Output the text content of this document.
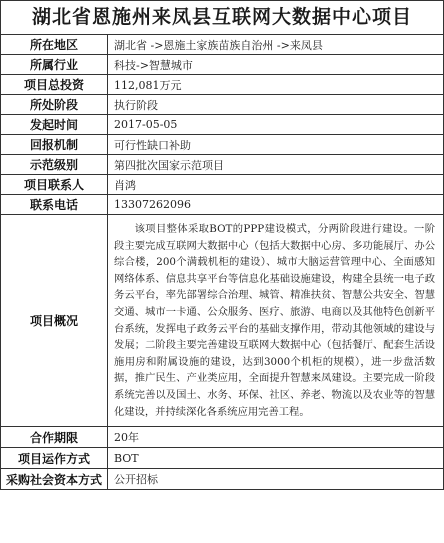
湖北省恩施州来凤县互联网大数据中心项目
所在地区	湖北省 ->恩施土家族苗族自治州 ->来凤县
所属行业	科技->智慧城市
项目总投资	112,081万元
所处阶段	执行阶段
发起时间	2017-05-05
回报机制	可行性缺口补助
示范级别	第四批次国家示范项目
项目联系人	肖鸿
联系电话	13307262096
项目概况	该项目整体采取BOT的PPP建设模式，分两阶段进行建设。一阶段主要完成互联网大数据中心（包括大数据中心房、多功能展厅、办公综合楼，200个满载机柜的建设）、城市大脑运营管理中心、全面感知网络体系、信息共享平台等信息化基础设施建设，构建全县统一电子政务云平台，率先部署综合治理、城管、精准扶贫、智慧公共安全、智慧交通、城市一卡通、公众服务、医疗、旅游、电商以及其他特色创新平台系统，发挥电子政务云平台的基础支撑作用，带动其他领域的建设与发展；二阶段主要完善建设互联网大数据中心（包括餐厅、配套生活设施用房和附属设施的建设，达到3000个机柜的规模），进一步盘活数据，推广民生、产业类应用，全面提升智慧来凤建设。主要完成一阶段系统完善以及国土、水务、环保、社区、养老、物流以及农业等的智慧化建设，并持续深化各系统应用完善工程。

合作期限	20年
项目运作方式	BOT
采购社会资本方式	公开招标
